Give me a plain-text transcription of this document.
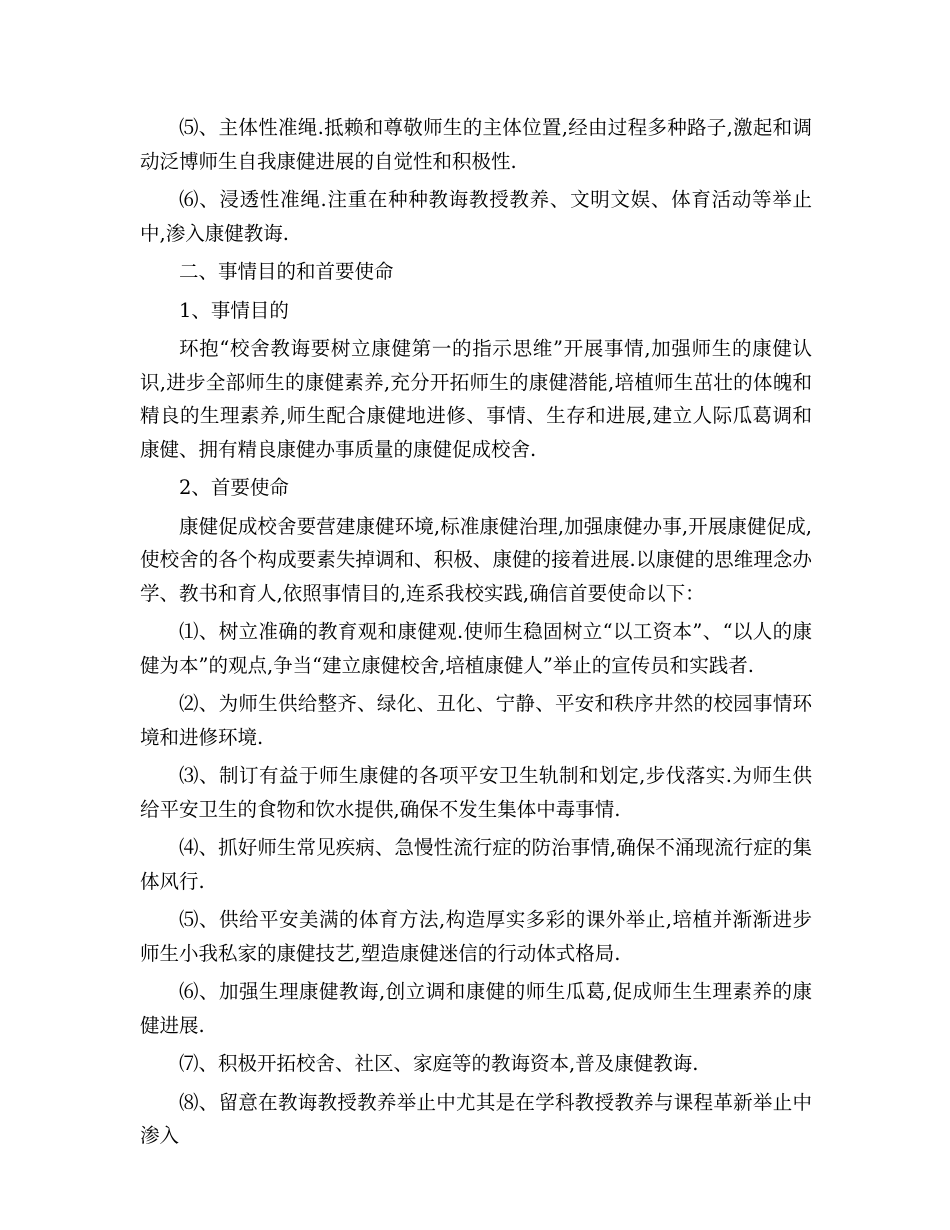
⑸、主体性准绳.抵赖和尊敬师生的主体位置,经由过程多种路子,激起和调动泛博师生自我康健进展的自觉性和积极性.

⑹、浸透性准绳.注重在种种教诲教授教养、文明文娱、体育活动等举止中,渗入康健教诲.

二、事情目的和首要使命

1、事情目的

环抱“校舍教诲要树立康健第一的指示思维”开展事情,加强师生的康健认识,进步全部师生的康健素养,充分开拓师生的康健潜能,培植师生茁壮的体魄和精良的生理素养,师生配合康健地进修、事情、生存和进展,建立人际瓜葛调和康健、拥有精良康健办事质量的康健促成校舍.

2、首要使命

康健促成校舍要营建康健环境,标准康健治理,加强康健办事,开展康健促成,使校舍的各个构成要素失掉调和、积极、康健的接着进展.以康健的思维理念办学、教书和育人,依照事情目的,连系我校实践,确信首要使命以下：

⑴、树立准确的教育观和康健观.使师生稳固树立“以工资本”、“以人的康健为本”的观点,争当“建立康健校舍,培植康健人”举止的宣传员和实践者.

⑵、为师生供给整齐、绿化、丑化、宁静、平安和秩序井然的校园事情环境和进修环境.

⑶、制订有益于师生康健的各项平安卫生轨制和划定,步伐落实.为师生供给平安卫生的食物和饮水提供,确保不发生集体中毒事情.

⑷、抓好师生常见疾病、急慢性流行症的防治事情,确保不涌现流行症的集体风行.

⑸、供给平安美满的体育方法,构造厚实多彩的课外举止,培植并渐渐进步师生小我私家的康健技艺,塑造康健迷信的行动体式格局.

⑹、加强生理康健教诲,创立调和康健的师生瓜葛,促成师生生理素养的康健进展.

⑺、积极开拓校舍、社区、家庭等的教诲资本,普及康健教诲.

⑻、留意在教诲教授教养举止中尤其是在学科教授教养与课程革新举止中渗入
